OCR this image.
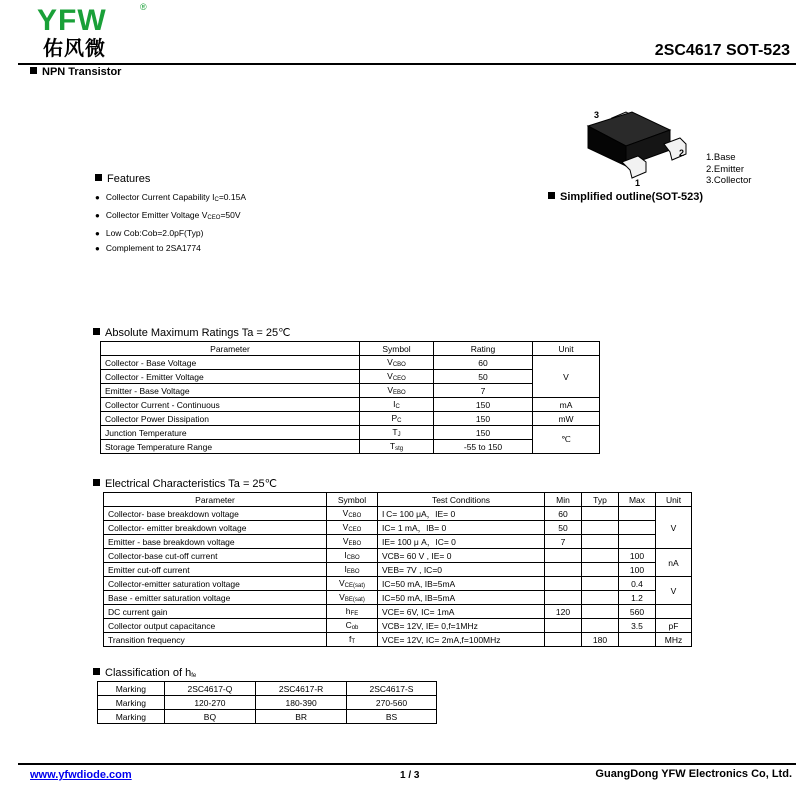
YFW	®
佑风微	2SC4617 SOT-523
NPN Transistor
3
2
1
1.Base
2.Emitter
3.Collector
Simplified outline(SOT-523)
Features
● Collector Current Capability $I_C=0.15A$
● Collector Emitter Voltage $V_{CEO}=50V$
● Low Cob:Cob=2.0pF(Typ)
● Complement to 2SA1774
Absolute Maximum Ratings Ta = 25℃
Parameter	Symbol	Rating	Unit
Collector - Base Voltage	$V_{CBO}$	60	V
Collector - Emitter Voltage	$V_{CEO}$	50	
Emitter - Base Voltage	$V_{EBO}$	7	
Collector Current - Continuous	$I_C$	150	mA
Collector Power Dissipation	$P_C$	150	mW
Junction Temperature	$T_J$	150	℃
Storage Temperature Range	$T_{stg}$	-55 to 150	
Electrical Characteristics Ta = 25℃
Parameter	Symbol	Test Conditions	Min	Typ	Max	Unit
Collector- base breakdown voltage	$V_{CBO}$	I C= 100 μA，IE= 0	60			V
Collector- emitter breakdown voltage	$V_{CEO}$	IC= 1 mA，IB= 0	50			
Emitter - base breakdown voltage	$V_{EBO}$	IE= 100 μ A，IC= 0	7			
Collector-base cut-off current	$I_{CBO}$	VCB= 60 V , IE= 0			100	nA
Emitter cut-off current	$I_{EBO}$	VEB= 7V , IC=0			100	
Collector-emitter saturation voltage	$V_{CE(sat)}$	IC=50 mA, IB=5mA			0.4	V
Base - emitter saturation voltage	$V_{BE(sat)}$	IC=50 mA, IB=5mA			1.2	
DC current gain	$h_{FE}$	VCE= 6V, IC= 1mA	120		560	
Collector output capacitance	$C_{ob}$	VCB= 12V, IE= 0,f=1MHz			3.5	pF
Transition frequency	$f_T$	VCE= 12V, IC= 2mA,f=100MHz		180		MHz
Classification of $h_{fe}$
Marking	2SC4617-Q	2SC4617-R	2SC4617-S
Marking	120-270	180-390	270-560
Marking	BQ	BR	BS
www.yfwdiode.com	1 / 3	GuangDong YFW Electronics Co, Ltd.
